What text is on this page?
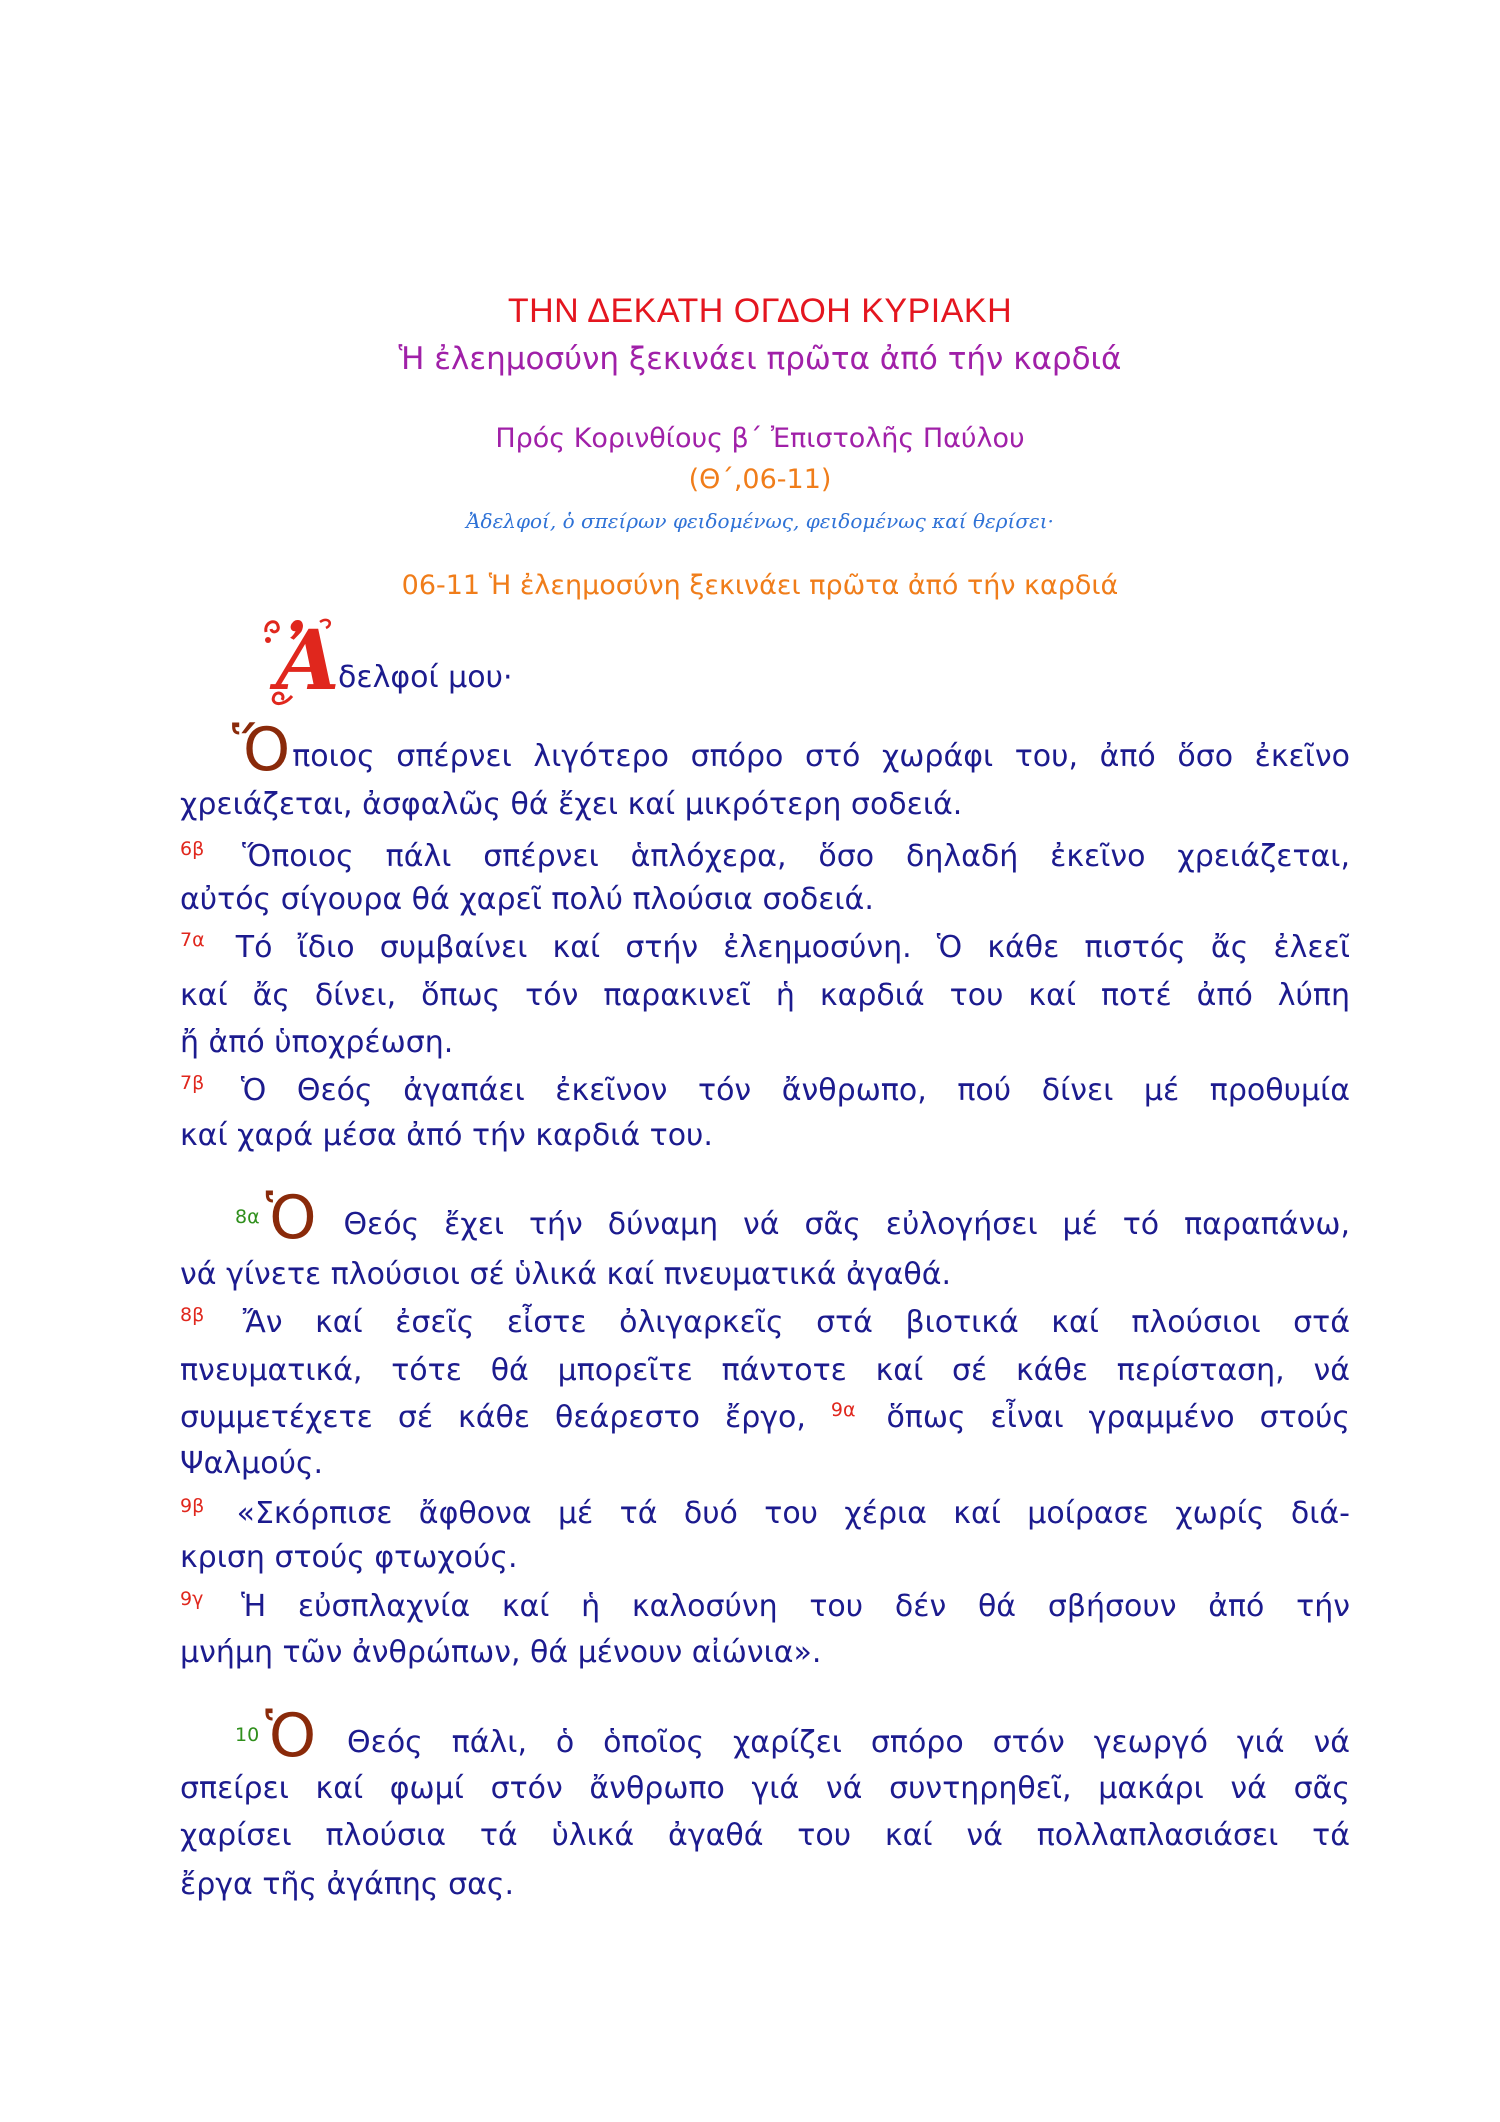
ΤΗΝ ΔΕΚΑΤΗ ΟΓΔΟΗ ΚΥΡΙΑΚΗ
Ἡ ἐλεημοσύνη ξεκινάει πρῶτα ἀπό τήν καρδιά
Πρός Κορινθίους β΄ Ἐπιστολῆς Παύλου
(Θ΄,06-11)
Ἀδελφοί, ὁ σπείρων φειδομένως, φειδομένως καί θερίσει·
06-11 Ἡ ἐλεημοσύνη ξεκινάει πρῶτα ἀπό τήν καρδιά
Ἀ
δελφοί μου·
Ὅποιος σπέρνει λιγότερο σπόρο στό χωράφι του, ἀπό ὅσο ἐκεῖνο
χρειάζεται, ἀσφαλῶς θά ἔχει καί μικρότερη σοδειά.
$^{6\beta}$ Ὅποιος πάλι σπέρνει ἁπλόχερα, ὅσο δηλαδή ἐκεῖνο χρειάζεται,
αὐτός σίγουρα θά χαρεῖ πολύ πλούσια σοδειά.
$^{7\alpha}$ Τό ἴδιο συμβαίνει καί στήν ἐλεημοσύνη. Ὁ κάθε πιστός ἄς ἐλεεῖ
καί ἄς δίνει, ὅπως τόν παρακινεῖ ἡ καρδιά του καί ποτέ ἀπό λύπη
ἤ ἀπό ὑποχρέωση.
$^{7\beta}$ Ὁ Θεός ἀγαπάει ἐκεῖνον τόν ἄνθρωπο, πού δίνει μέ προθυμία
καί χαρά μέσα ἀπό τήν καρδιά του.
$^{8\alpha}$ Ὁ Θεός ἔχει τήν δύναμη νά σᾶς εὐλογήσει μέ τό παραπάνω,
νά γίνετε πλούσιοι σέ ὑλικά καί πνευματικά ἀγαθά.
$^{8\beta}$ Ἄν καί ἐσεῖς εἶστε ὀλιγαρκεῖς στά βιοτικά καί πλούσιοι στά
πνευματικά, τότε θά μπορεῖτε πάντοτε καί σέ κάθε περίσταση, νά
συμμετέχετε σέ κάθε θεάρεστο ἔργο, $^{9\alpha}$ ὅπως εἶναι γραμμένο στούς
Ψαλμούς.
$^{9\beta}$ «Σκόρπισε ἄφθονα μέ τά δυό του χέρια καί μοίρασε χωρίς διά-
κριση στούς φτωχούς.
$^{9\gamma}$ Ἡ εὐσπλαχνία καί ἡ καλοσύνη του δέν θά σβήσουν ἀπό τήν
μνήμη τῶν ἀνθρώπων, θά μένουν αἰώνια».
$^{10}$ Ὁ Θεός πάλι, ὁ ὁποῖος χαρίζει σπόρο στόν γεωργό γιά νά
σπείρει καί φωμί στόν ἄνθρωπο γιά νά συντηρηθεῖ, μακάρι νά σᾶς
χαρίσει πλούσια τά ὑλικά ἀγαθά του καί νά πολλαπλασιάσει τά
ἔργα τῆς ἀγάπης σας.
